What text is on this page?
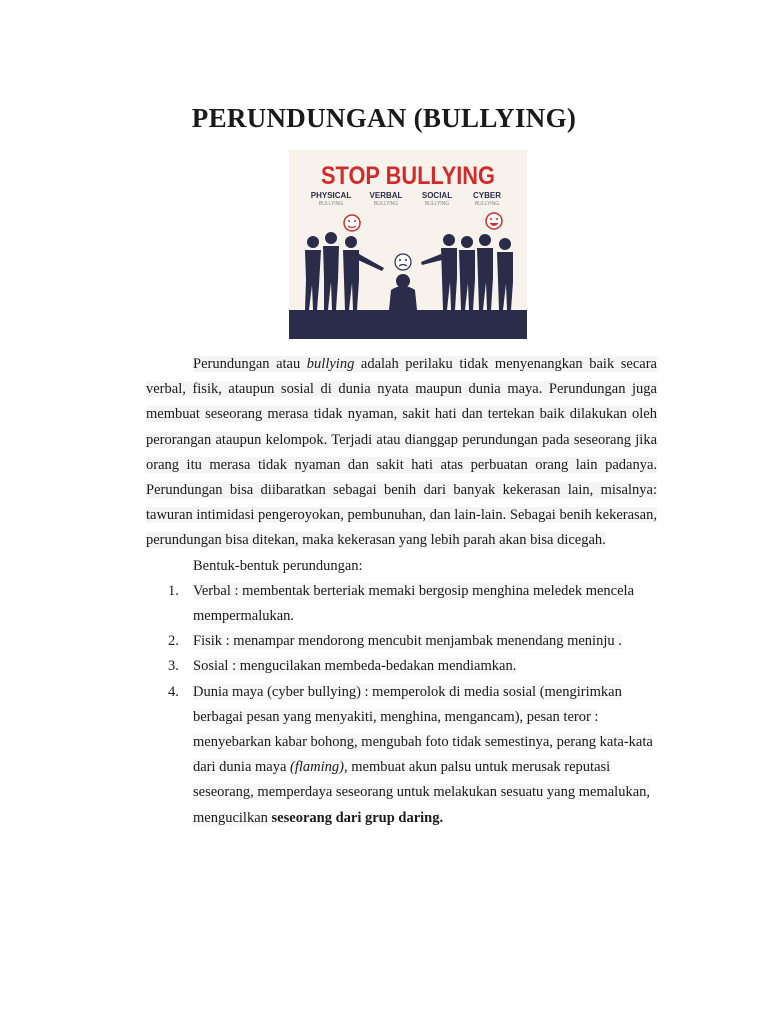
PERUNDUNGAN (BULLYING)
STOP BULLYING
PHYSICAL
BULLYING
VERBAL
BULLYING
SOCIAL
BULLYING
CYBER
BULLYING

Perundungan atau bullying adalah perilaku tidak menyenangkan baik secara verbal, fisik, ataupun sosial di dunia nyata maupun dunia maya. Perundungan juga membuat seseorang merasa tidak nyaman, sakit hati dan tertekan baik dilakukan oleh perorangan ataupun kelompok. Terjadi atau dianggap perundungan pada seseorang jika orang itu merasa tidak nyaman dan sakit hati atas perbuatan orang lain padanya. Perundungan bisa diibaratkan sebagai benih dari banyak kekerasan lain, misalnya: tawuran intimidasi pengeroyokan, pembunuhan, dan lain-lain. Sebagai benih kekerasan, perundungan bisa ditekan, maka kekerasan yang lebih parah akan bisa dicegah.

Bentuk-bentuk perundungan:

1. Verbal : membentak berteriak memaki bergosip menghina meledek mencela mempermalukan.
2. Fisik : menampar mendorong mencubit menjambak menendang meninju .
3. Sosial : mengucilakan membeda-bedakan mendiamkan.
4. Dunia maya (cyber bullying) : memperolok di media sosial (mengirimkan berbagai pesan yang menyakiti, menghina, mengancam), pesan teror : menyebarkan kabar bohong, mengubah foto tidak semestinya, perang kata-kata dari dunia maya (flaming), membuat akun palsu untuk merusak reputasi seseorang, memperdaya seseorang untuk melakukan sesuatu yang memalukan, mengucilkan seseorang dari grup daring.
